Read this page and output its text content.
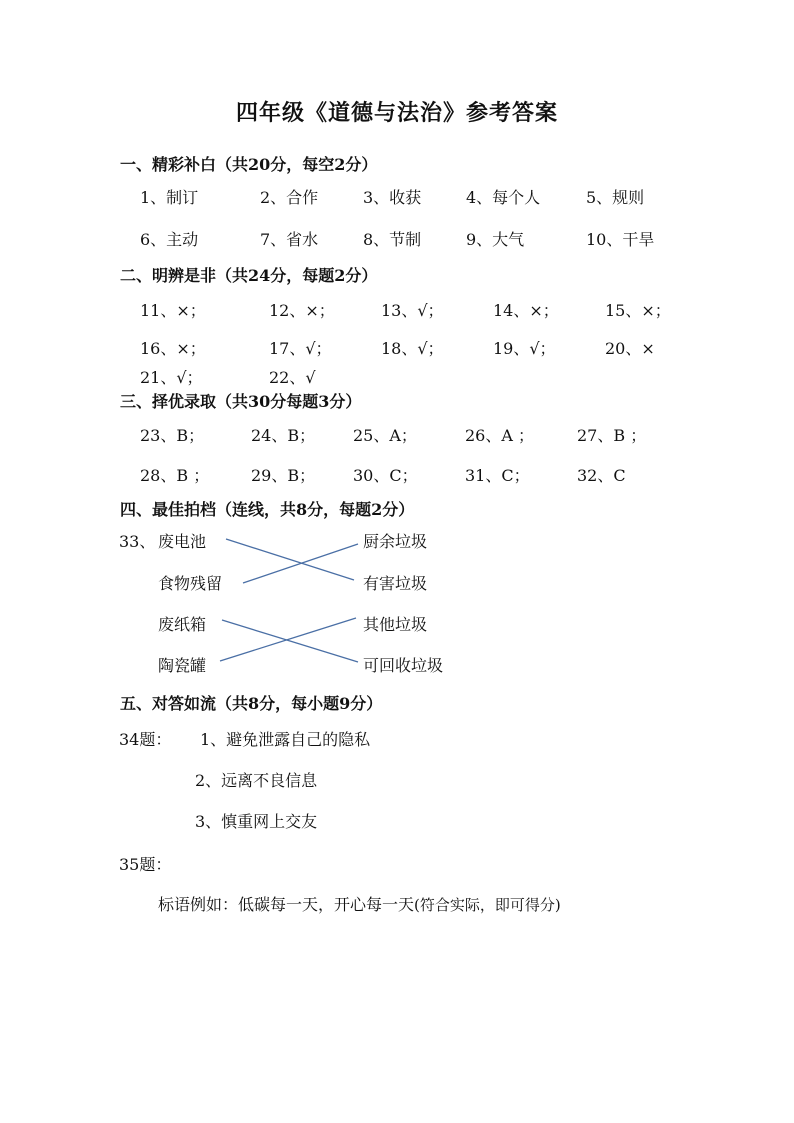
四年级《道德与法治》参考答案
一、精彩补白（共20分，每空2分）
1、制订	2、合作	3、收获	4、每个人	5、规则
6、主动	7、省水	8、节制	9、大气	10、干旱
二、明辨是非（共24分，每题2分）
11、×；	12、×；	13、√；	14、×；	15、×；
16、×；	17、√；	18、√；	19、√；	20、×
21、√；	22、√
三、择优录取（共30分每题3分）
23、B；	24、B； 25、A；	26、A ；	27、B ；
28、B ；	29、B； 30、C；	31、C；	32、C
四、最佳拍档（连线，共8分，每题2分）
33、 废电池
食物残留
废纸箱
陶瓷罐
厨余垃圾
有害垃圾
其他垃圾
可回收垃圾
五、对答如流（共8分，每小题9分）
34题： 1、避免泄露自己的隐私
2、远离不良信息
3、慎重网上交友
35题：
标语例如：低碳每一天，开心每一天(符合实际，即可得分)
